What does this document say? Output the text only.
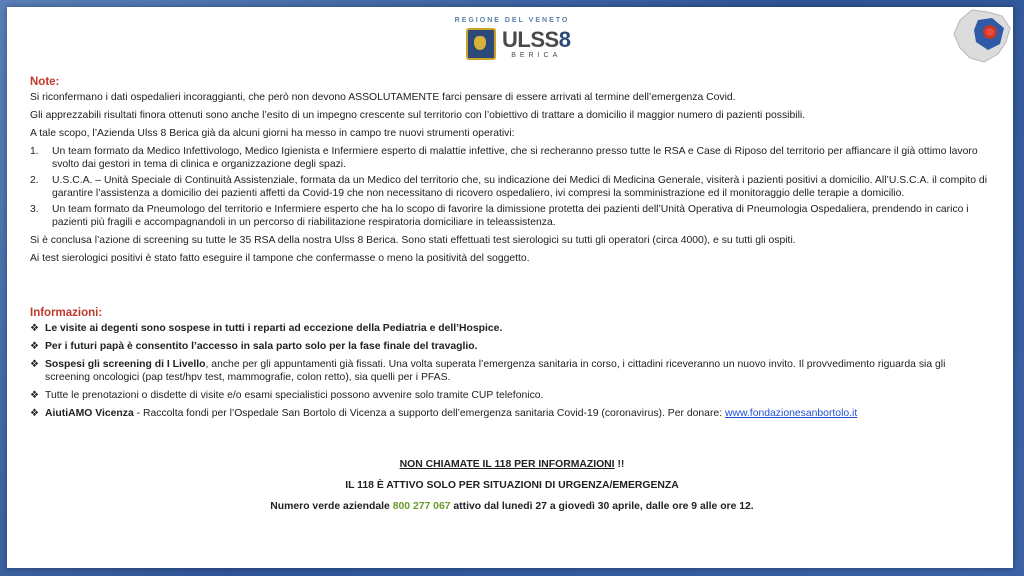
REGIONE DEL VENETO
ULSS8
BERICA
Note:

Si riconfermano i dati ospedalieri incoraggianti, che però non devono ASSOLUTAMENTE farci pensare di essere arrivati al termine dell’emergenza Covid.

Gli apprezzabili risultati finora ottenuti sono anche l’esito di un impegno crescente sul territorio con l’obiettivo di trattare a domicilio il maggior numero di pazienti possibili.

A tale scopo, l’Azienda Ulss 8 Berica già da alcuni giorni ha messo in campo tre nuovi strumenti operativi:

1. Un team formato da Medico Infettivologo, Medico Igienista e Infermiere esperto di malattie infettive, che si recheranno presso tutte le RSA e Case di Riposo del territorio per affiancare il già ottimo lavoro svolto dai gestori in tema di clinica e organizzazione degli spazi.
2. U.S.C.A. – Unità Speciale di Continuità Assistenziale, formata da un Medico del territorio che, su indicazione dei Medici di Medicina Generale, visiterà i pazienti positivi a domicilio. All’U.S.C.A. il compito di garantire l’assistenza a domicilio dei pazienti affetti da Covid-19 che non necessitano di ricovero ospedaliero, ivi compresi la somministrazione ed il monitoraggio delle terapie a domicilio.
3. Un team formato da Pneumologo del territorio e Infermiere esperto che ha lo scopo di favorire la dimissione protetta dei pazienti dell’Unità Operativa di Pneumologia Ospedaliera, prendendo in carico i pazienti più fragili e accompagnandoli in un percorso di riabilitazione respiratoria domiciliare in teleassistenza.

Si è conclusa l’azione di screening su tutte le 35 RSA della nostra Ulss 8 Berica. Sono stati effettuati test sierologici su tutti gli operatori (circa 4000), e su tutti gli ospiti.

Ai test sierologici positivi è stato fatto eseguire il tampone che confermasse o meno la positività del soggetto.

Informazioni:
❖ Le visite ai degenti sono sospese in tutti i reparti ad eccezione della Pediatria e dell’Hospice.
❖ Per i futuri papà è consentito l’accesso in sala parto solo per la fase finale del travaglio.
❖ Sospesi gli screening di I Livello, anche per gli appuntamenti già fissati. Una volta superata l’emergenza sanitaria in corso, i cittadini riceveranno un nuovo invito. Il provvedimento riguarda sia gli screening oncologici (pap test/hpv test, mammografie, colon retto), sia quelli per i PFAS.
❖ Tutte le prenotazioni o disdette di visite e/o esami specialistici possono avvenire solo tramite CUP telefonico.
❖ AiutiAMO Vicenza - Raccolta fondi per l’Ospedale San Bortolo di Vicenza a supporto dell’emergenza sanitaria Covid-19 (coronavirus). Per donare: www.fondazionesanbortolo.it

NON CHIAMATE IL 118 PER INFORMAZIONI !!

IL 118 È ATTIVO SOLO PER SITUAZIONI DI URGENZA/EMERGENZA

Numero verde aziendale 800 277 067 attivo dal lunedì 27 a giovedì 30 aprile, dalle ore 9 alle ore 12.
